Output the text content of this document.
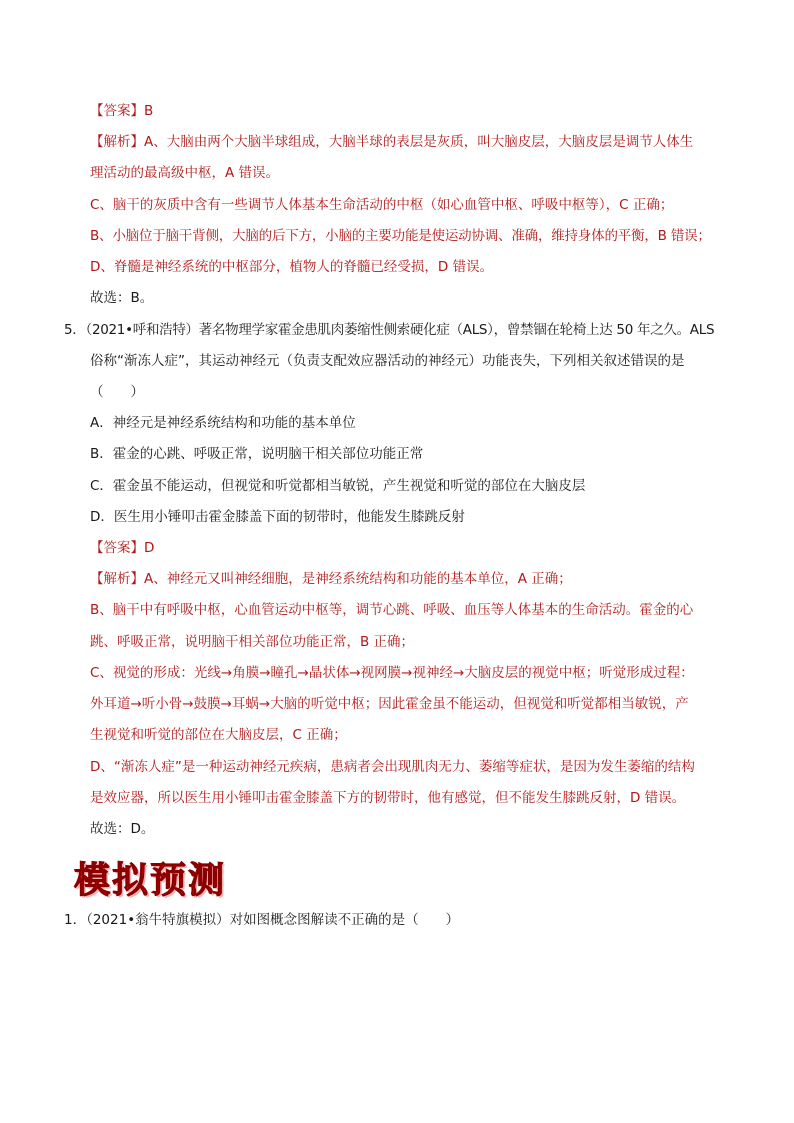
【答案】B
【解析】A、大脑由两个大脑半球组成，大脑半球的表层是灰质，叫大脑皮层，大脑皮层是调节人体生
理活动的最高级中枢，A 错误。
C、脑干的灰质中含有一些调节人体基本生命活动的中枢（如心血管中枢、呼吸中枢等），C 正确；
B、小脑位于脑干背侧，大脑的后下方，小脑的主要功能是使运动协调、准确，维持身体的平衡，B 错误；
D、脊髓是神经系统的中枢部分，植物人的脊髓已经受损，D 错误。
故选：B。
5．（2021•呼和浩特）著名物理学家霍金患肌肉萎缩性侧索硬化症（ALS），曾禁锢在轮椅上达 50 年之久。ALS
俗称“渐冻人症”，其运动神经元（负责支配效应器活动的神经元）功能丧失，下列相关叙述错误的是
（　　）
A．神经元是神经系统结构和功能的基本单位
B．霍金的心跳、呼吸正常，说明脑干相关部位功能正常
C．霍金虽不能运动，但视觉和听觉都相当敏锐，产生视觉和听觉的部位在大脑皮层
D．医生用小锤叩击霍金膝盖下面的韧带时，他能发生膝跳反射
【答案】D
【解析】A、神经元又叫神经细胞，是神经系统结构和功能的基本单位，A 正确；
B、脑干中有呼吸中枢，心血管运动中枢等，调节心跳、呼吸、血压等人体基本的生命活动。霍金的心
跳、呼吸正常，说明脑干相关部位功能正常，B 正确；
C、视觉的形成：光线→角膜→瞳孔→晶状体→视网膜→视神经→大脑皮层的视觉中枢；听觉形成过程：
外耳道→听小骨→鼓膜→耳蜗→大脑的听觉中枢；因此霍金虽不能运动，但视觉和听觉都相当敏锐，产
生视觉和听觉的部位在大脑皮层，C 正确；
D、“渐冻人症”是一种运动神经元疾病，患病者会出现肌肉无力、萎缩等症状，是因为发生萎缩的结构
是效应器，所以医生用小锤叩击霍金膝盖下方的韧带时，他有感觉，但不能发生膝跳反射，D 错误。
故选：D。
模拟预测
1．（2021•翁牛特旗模拟）对如图概念图解读不正确的是（　　）
